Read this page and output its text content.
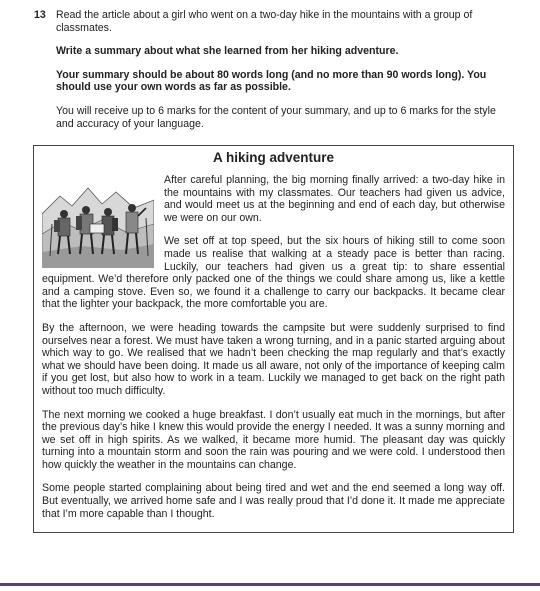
13 Read the article about a girl who went on a two-day hike in the mountains with a group of classmates.

Write a summary about what she learned from her hiking adventure.

Your summary should be about 80 words long (and no more than 90 words long). You should use your own words as far as possible.

You will receive up to 6 marks for the content of your summary, and up to 6 marks for the style and accuracy of your language.

A hiking adventure

After careful planning, the big morning finally arrived: a two-day hike in the mountains with my classmates. Our teachers had given us advice, and would meet us at the beginning and end of each day, but otherwise we were on our own.

We set off at top speed, but the six hours of hiking still to come soon made us realise that walking at a steady pace is better than racing. Luckily, our teachers had given us a great tip: to share essential equipment. We’d therefore only packed one of the things we could share among us, like a kettle and a camping stove. Even so, we found it a challenge to carry our backpacks. It became clear that the lighter your backpack, the more comfortable you are.

By the afternoon, we were heading towards the campsite but were suddenly surprised to find ourselves near a forest. We must have taken a wrong turning, and in a panic started arguing about which way to go. We realised that we hadn’t been checking the map regularly and that’s exactly what we should have been doing. It made us all aware, not only of the importance of keeping calm if you get lost, but also how to work in a team. Luckily we managed to get back on the right path without too much difficulty.

The next morning we cooked a huge breakfast. I don’t usually eat much in the mornings, but after the previous day’s hike I knew this would provide the energy I needed. It was a sunny morning and we set off in high spirits. As we walked, it became more humid. The pleasant day was quickly turning into a mountain storm and soon the rain was pouring and we were cold. I understood then how quickly the weather in the mountains can change.

Some people started complaining about being tired and wet and the end seemed a long way off. But eventually, we arrived home safe and I was really proud that I’d done it. It made me appreciate that I’m more capable than I thought.
